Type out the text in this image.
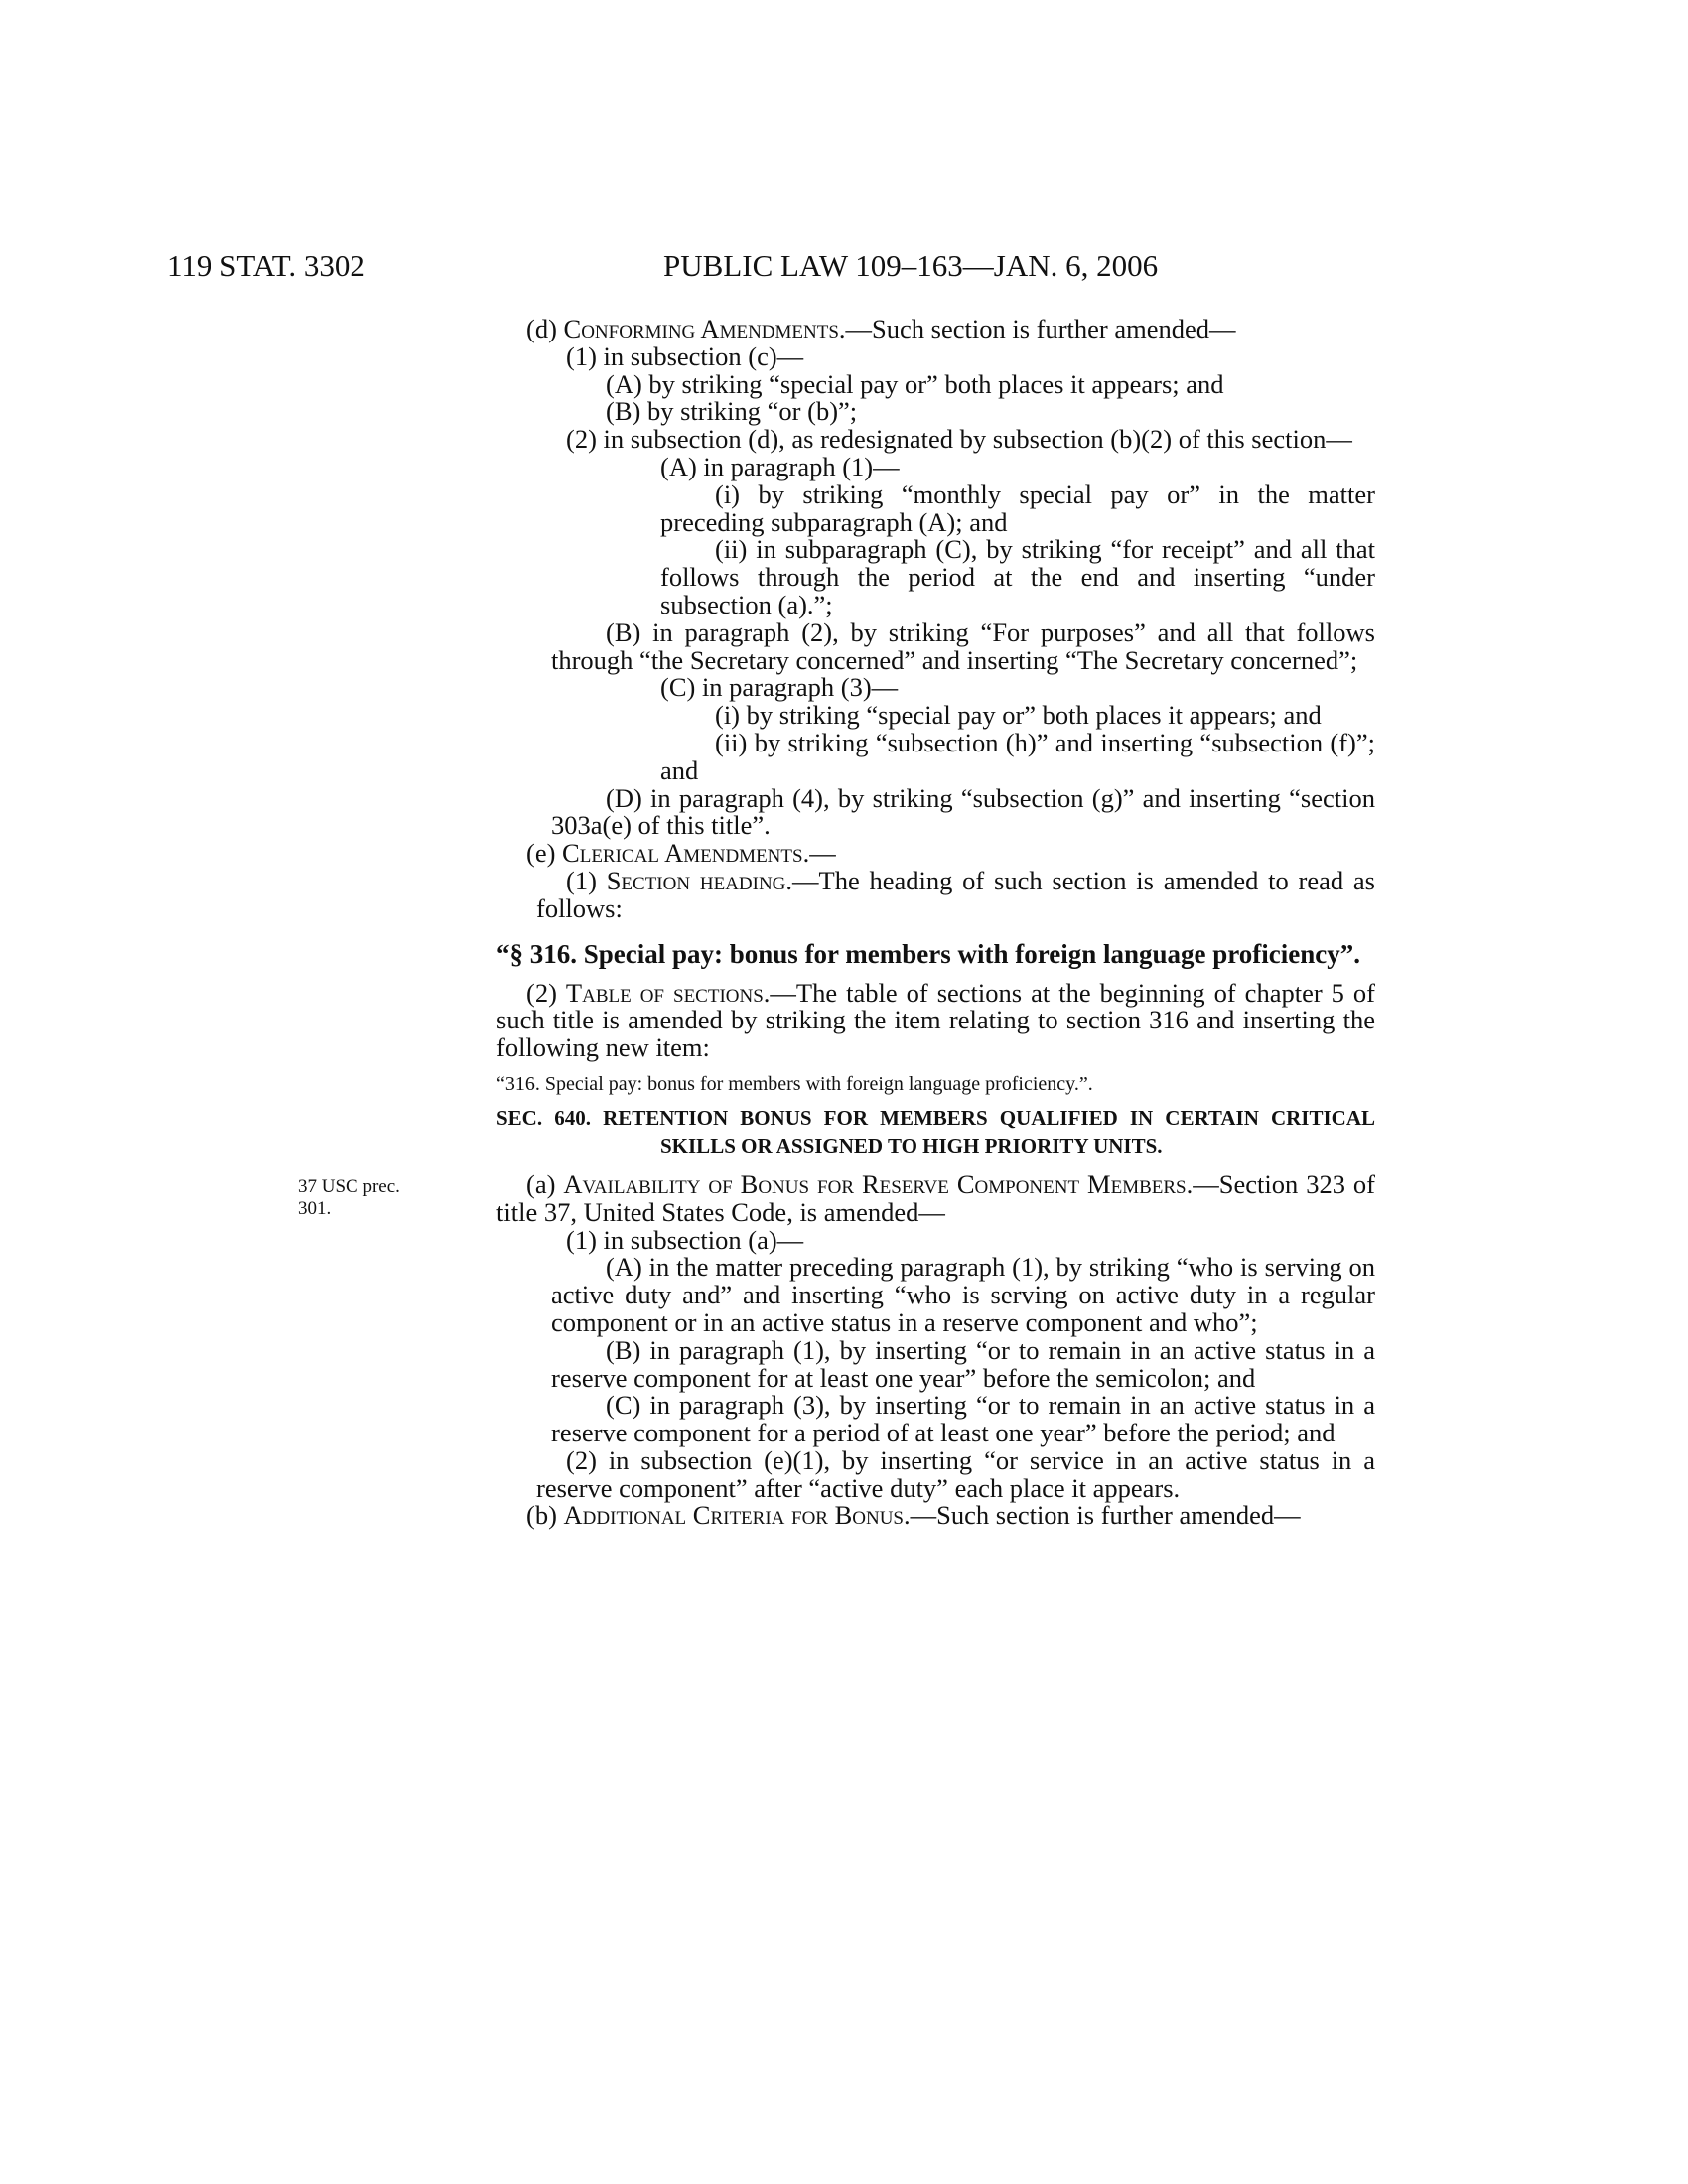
119 STAT. 3302	PUBLIC LAW 109–163—JAN. 6, 2006
37 USC prec.
301.

(d) Conforming Amendments.—Such section is further amended—

(1) in subsection (c)—

(A) by striking “special pay or” both places it appears; and

(B) by striking “or (b)”;

(2) in subsection (d), as redesignated by subsection (b)(2) of this section—

(A) in paragraph (1)—

(i) by striking “monthly special pay or” in the matter preceding subparagraph (A); and

(ii) in subparagraph (C), by striking “for receipt” and all that follows through the period at the end and inserting “under subsection (a).”;

(B) in paragraph (2), by striking “For purposes” and all that follows through “the Secretary concerned” and inserting “The Secretary concerned”;

(C) in paragraph (3)—

(i) by striking “special pay or” both places it appears; and

(ii) by striking “subsection (h)” and inserting “subsection (f)”; and

(D) in paragraph (4), by striking “subsection (g)” and inserting “section 303a(e) of this title”.

(e) Clerical Amendments.—

(1) Section heading.—The heading of such section is amended to read as follows:

“§ 316. Special pay: bonus for members with foreign language proficiency”.

(2) Table of sections.—The table of sections at the beginning of chapter 5 of such title is amended by striking the item relating to section 316 and inserting the following new item:

“316. Special pay: bonus for members with foreign language proficiency.”.

SEC. 640. RETENTION BONUS FOR MEMBERS QUALIFIED IN CERTAIN CRITICAL SKILLS OR ASSIGNED TO HIGH PRIORITY UNITS.

(a) Availability of Bonus for Reserve Component Members.—Section 323 of title 37, United States Code, is amended—

(1) in subsection (a)—

(A) in the matter preceding paragraph (1), by striking “who is serving on active duty and” and inserting “who is serving on active duty in a regular component or in an active status in a reserve component and who”;

(B) in paragraph (1), by inserting “or to remain in an active status in a reserve component for at least one year” before the semicolon; and

(C) in paragraph (3), by inserting “or to remain in an active status in a reserve component for a period of at least one year” before the period; and

(2) in subsection (e)(1), by inserting “or service in an active status in a reserve component” after “active duty” each place it appears.

(b) Additional Criteria for Bonus.—Such section is further amended—
